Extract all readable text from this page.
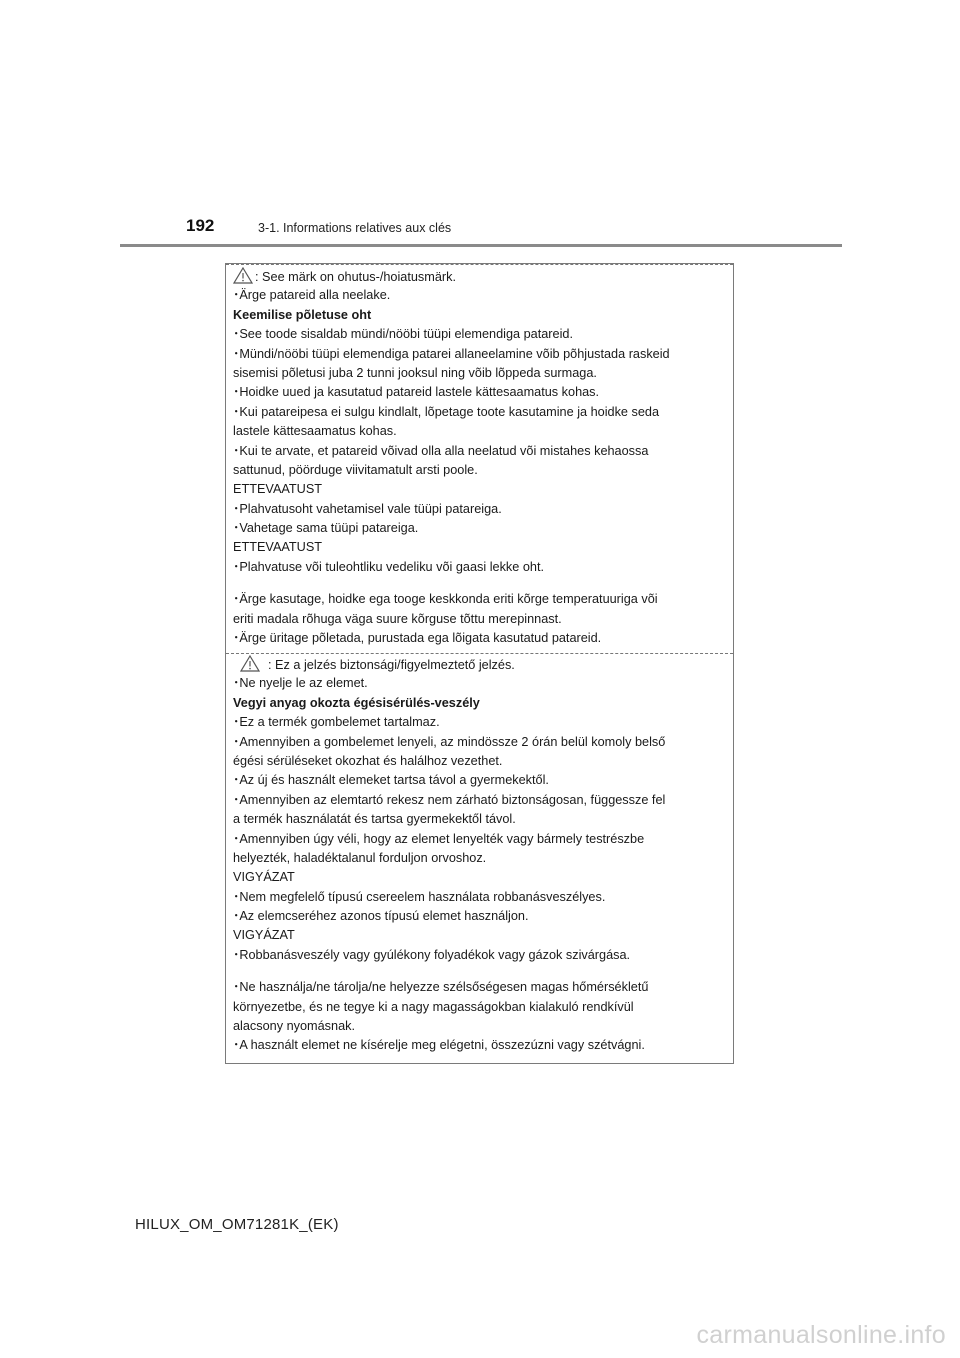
192	3-1. Informations relatives aux clés
: See märk on ohutus-/hoiatusmärk.
･Ärge patareid alla neelake.
Keemilise põletuse oht
･See toode sisaldab mündi/nööbi tüüpi elemendiga patareid.
･Mündi/nööbi tüüpi elemendiga patarei allaneelamine võib põhjustada raskeid
sisemisi põletusi juba 2 tunni jooksul ning võib lõppeda surmaga.
･Hoidke uued ja kasutatud patareid lastele kättesaamatus kohas.
･Kui patareipesa ei sulgu kindlalt, lõpetage toote kasutamine ja hoidke seda
lastele kättesaamatus kohas.
･Kui te arvate, et patareid võivad olla alla neelatud või mistahes kehaossa
sattunud, pöörduge viivitamatult arsti poole.
ETTEVAATUST
･Plahvatusoht vahetamisel vale tüüpi patareiga.
･Vahetage sama tüüpi patareiga.
ETTEVAATUST
･Plahvatuse või tuleohtliku vedeliku või gaasi lekke oht.
･Ärge kasutage, hoidke ega tooge keskkonda eriti kõrge temperatuuriga või
eriti madala rõhuga väga suure kõrguse tõttu merepinnast.
･Ärge üritage põletada, purustada ega lõigata kasutatud patareid.
: Ez a jelzés biztonsági/figyelmeztető jelzés.
･Ne nyelje le az elemet.
Vegyi anyag okozta égésisérülés-veszély
･Ez a termék gombelemet tartalmaz.
･Amennyiben a gombelemet lenyeli, az mindössze 2 órán belül komoly belső
égési sérüléseket okozhat és halálhoz vezethet.
･Az új és használt elemeket tartsa távol a gyermekektől.
･Amennyiben az elemtartó rekesz nem zárható biztonságosan, függessze fel
a termék használatát és tartsa gyermekektől távol.
･Amennyiben úgy véli, hogy az elemet lenyelték vagy bármely testrészbe
helyezték, haladéktalanul forduljon orvoshoz.
VIGYÁZAT
･Nem megfelelő típusú csereelem használata robbanásveszélyes.
･Az elemcseréhez azonos típusú elemet használjon.
VIGYÁZAT
･Robbanásveszély vagy gyúlékony folyadékok vagy gázok szivárgása.
･Ne használja/ne tárolja/ne helyezze szélsőségesen magas hőmérsékletű
környezetbe, és ne tegye ki a nagy magasságokban kialakuló rendkívül
alacsony nyomásnak.
･A használt elemet ne kísérelje meg elégetni, összezúzni vagy szétvágni.
HILUX_OM_OM71281K_(EK)
carmanualsonline.info
